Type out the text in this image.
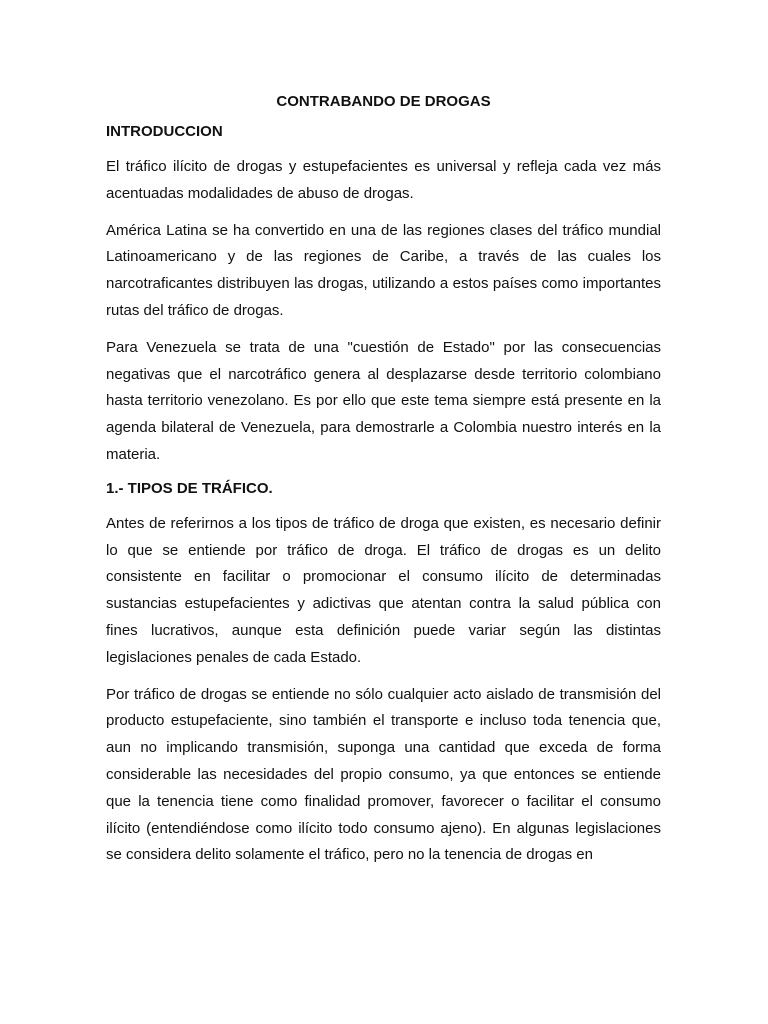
CONTRABANDO DE DROGAS
INTRODUCCION

El tráfico ilícito de drogas y estupefacientes es universal y refleja cada vez más acentuadas modalidades de abuso de drogas.

América Latina se ha convertido en una de las regiones clases del tráfico mundial Latinoamericano y de las regiones de Caribe, a través de las cuales los narcotraficantes distribuyen las drogas, utilizando a estos países como importantes rutas del tráfico de drogas.

Para Venezuela se trata de una "cuestión de Estado" por las consecuencias negativas que el narcotráfico genera al desplazarse desde territorio colombiano hasta territorio venezolano. Es por ello que este tema siempre está presente en la agenda bilateral de Venezuela, para demostrarle a Colombia nuestro interés en la materia.

1.- TIPOS DE TRÁFICO.

Antes de referirnos a los tipos de tráfico de droga que existen, es necesario definir lo que se entiende por tráfico de droga. El tráfico de drogas es un delito consistente en facilitar o promocionar el consumo ilícito de determinadas sustancias estupefacientes y adictivas que atentan contra la salud pública con fines lucrativos, aunque esta definición puede variar según las distintas legislaciones penales de cada Estado.

Por tráfico de drogas se entiende no sólo cualquier acto aislado de transmisión del producto estupefaciente, sino también el transporte e incluso toda tenencia que, aun no implicando transmisión, suponga una cantidad que exceda de forma considerable las necesidades del propio consumo, ya que entonces se entiende que la tenencia tiene como finalidad promover, favorecer o facilitar el consumo ilícito (entendiéndose como ilícito todo consumo ajeno). En algunas legislaciones se considera delito solamente el tráfico, pero no la tenencia de drogas en
